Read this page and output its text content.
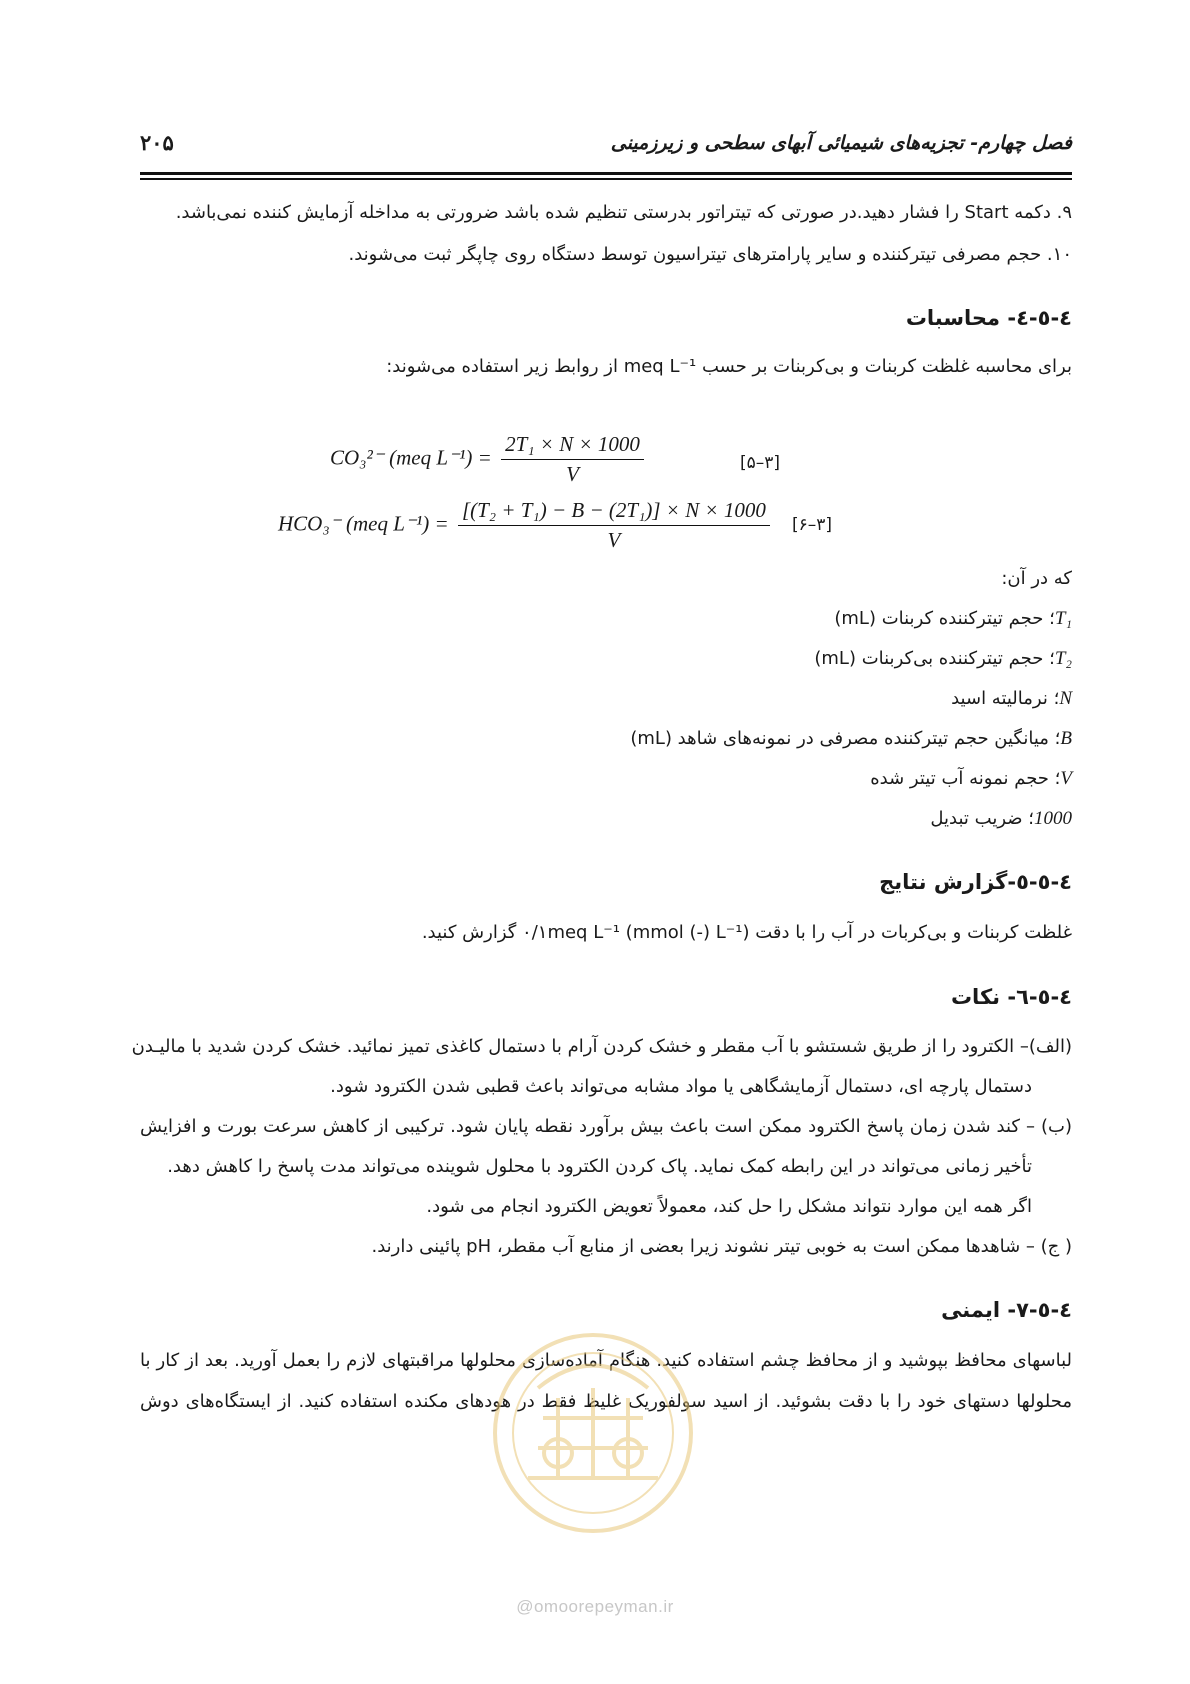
فصل چهارم- تجزیه‌های شیمیائی آبهای سطحی و زیرزمینی
۲۰۵
۹. دکمه Start را فشار دهید.در صورتی که تیتراتور بدرستی تنظیم شده باشد ضرورتی به مداخله آزمایش کننده نمی‌باشد.
۱۰. حجم مصرفی تیترکننده و سایر پارامترهای تیتراسیون توسط دستگاه روی چاپگر ثبت می‌شوند.
٤-٥-٤- محاسبات
برای محاسبه غلظت کربنات و بی‌کربنات بر حسب meq L⁻¹ از روابط زیر استفاده می‌شوند:
CO₃²⁻ (meq $L^{-1}) = \frac{\text{2T₁ × N × 1000}}{V}$	[۵–۳]
HCO₃⁻ (meq $L^{-1}) = \frac{\text{[(T₂ + T₁) − B − (2T₁)] × N × 1000}}{V}$ [۶–۳]
که در آن:
T₁؛ حجم تیترکننده کربنات (mL)
T₂؛ حجم تیترکننده بی‌کربنات (mL)
N؛ نرمالیته اسید
B؛ میانگین حجم تیترکننده مصرفی در نمونه‌های شاهد (mL)
V؛ حجم نمونه آب تیتر شده
1000؛ ضریب تبدیل
٤-٥-٥-گزارش نتایج
غلظت کربنات و بی‌کربات در آب را با دقت (mmol (-) L⁻¹) ۰/۱meq L⁻¹ گزارش کنید.
٤-٥-٦- نکات
(الف)– الکترود را از طریق شستشو با آب مقطر و خشک کردن آرام با دستمال کاغذی تمیز نمائید. خشک کردن شدید با مالیـدن
دستمال پارچه ای، دستمال آزمایشگاهی یا مواد مشابه می‌تواند باعث قطبی شدن الکترود شود.
(ب) – کند شدن زمان پاسخ الکترود ممکن است باعث بیش برآورد نقطه پایان شود. ترکیبی از کاهش سرعت بورت و افزایش
تأخیر زمانی می‌تواند در این رابطه کمک نماید. پاک کردن الکترود با محلول شوینده می‌تواند مدت پاسخ را کاهش دهد.
اگر همه این موارد نتواند مشکل را حل کند، معمولاً تعویض الکترود انجام می شود.
( ج) – شاهدها ممکن است به خوبی تیتر نشوند زیرا بعضی از منابع آب مقطر، pH پائینی دارند.
٤-٥-٧- ایمنی
لباسهای محافظ بپوشید و از محافظ چشم استفاده کنید. هنگام آماده‌سازی محلولها مراقبتهای لازم را بعمل آورید. بعد از کار با
محلولها دستهای خود را با دقت بشوئید. از اسید سولفوریک غلیظ فقط در هودهای مکنده استفاده کنید. از ایستگاه‌های دوش
@omoorepeyman.ir
